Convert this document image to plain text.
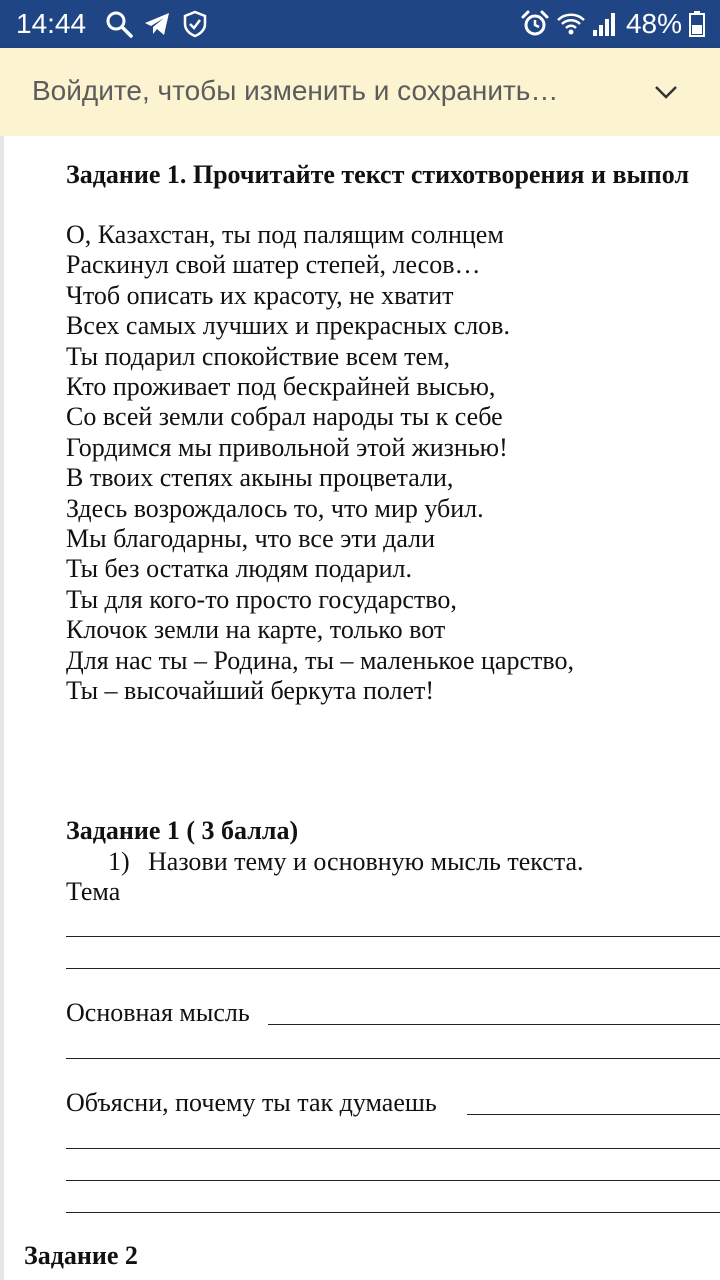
14:44	48%
Войдите, чтобы изменить и сохранить…
Задание 1. Прочитайте текст стихотворения и выпол
О, Казахстан, ты под палящим солнцем
Раскинул свой шатер степей, лесов…
Чтоб описать их красоту, не хватит
Всех самых лучших и прекрасных слов.
Ты подарил спокойствие всем тем,
Кто проживает под бескрайней высью,
Со всей земли собрал народы ты к себе
Гордимся мы привольной этой жизнью!
В твоих степях акыны процветали,
Здесь возрождалось то, что мир убил.
Мы благодарны, что все эти дали
Ты без остатка людям подарил.
Ты для кого-то просто государство,
Клочок земли на карте, только вот
Для нас ты – Родина, ты – маленькое царство,
Ты – высочайший беркута полет!
Задание 1 ( 3 балла)
1) Назови тему и основную мысль текста.
Тема
Основная мысль
Объясни, почему ты так думаешь
Задание 2
